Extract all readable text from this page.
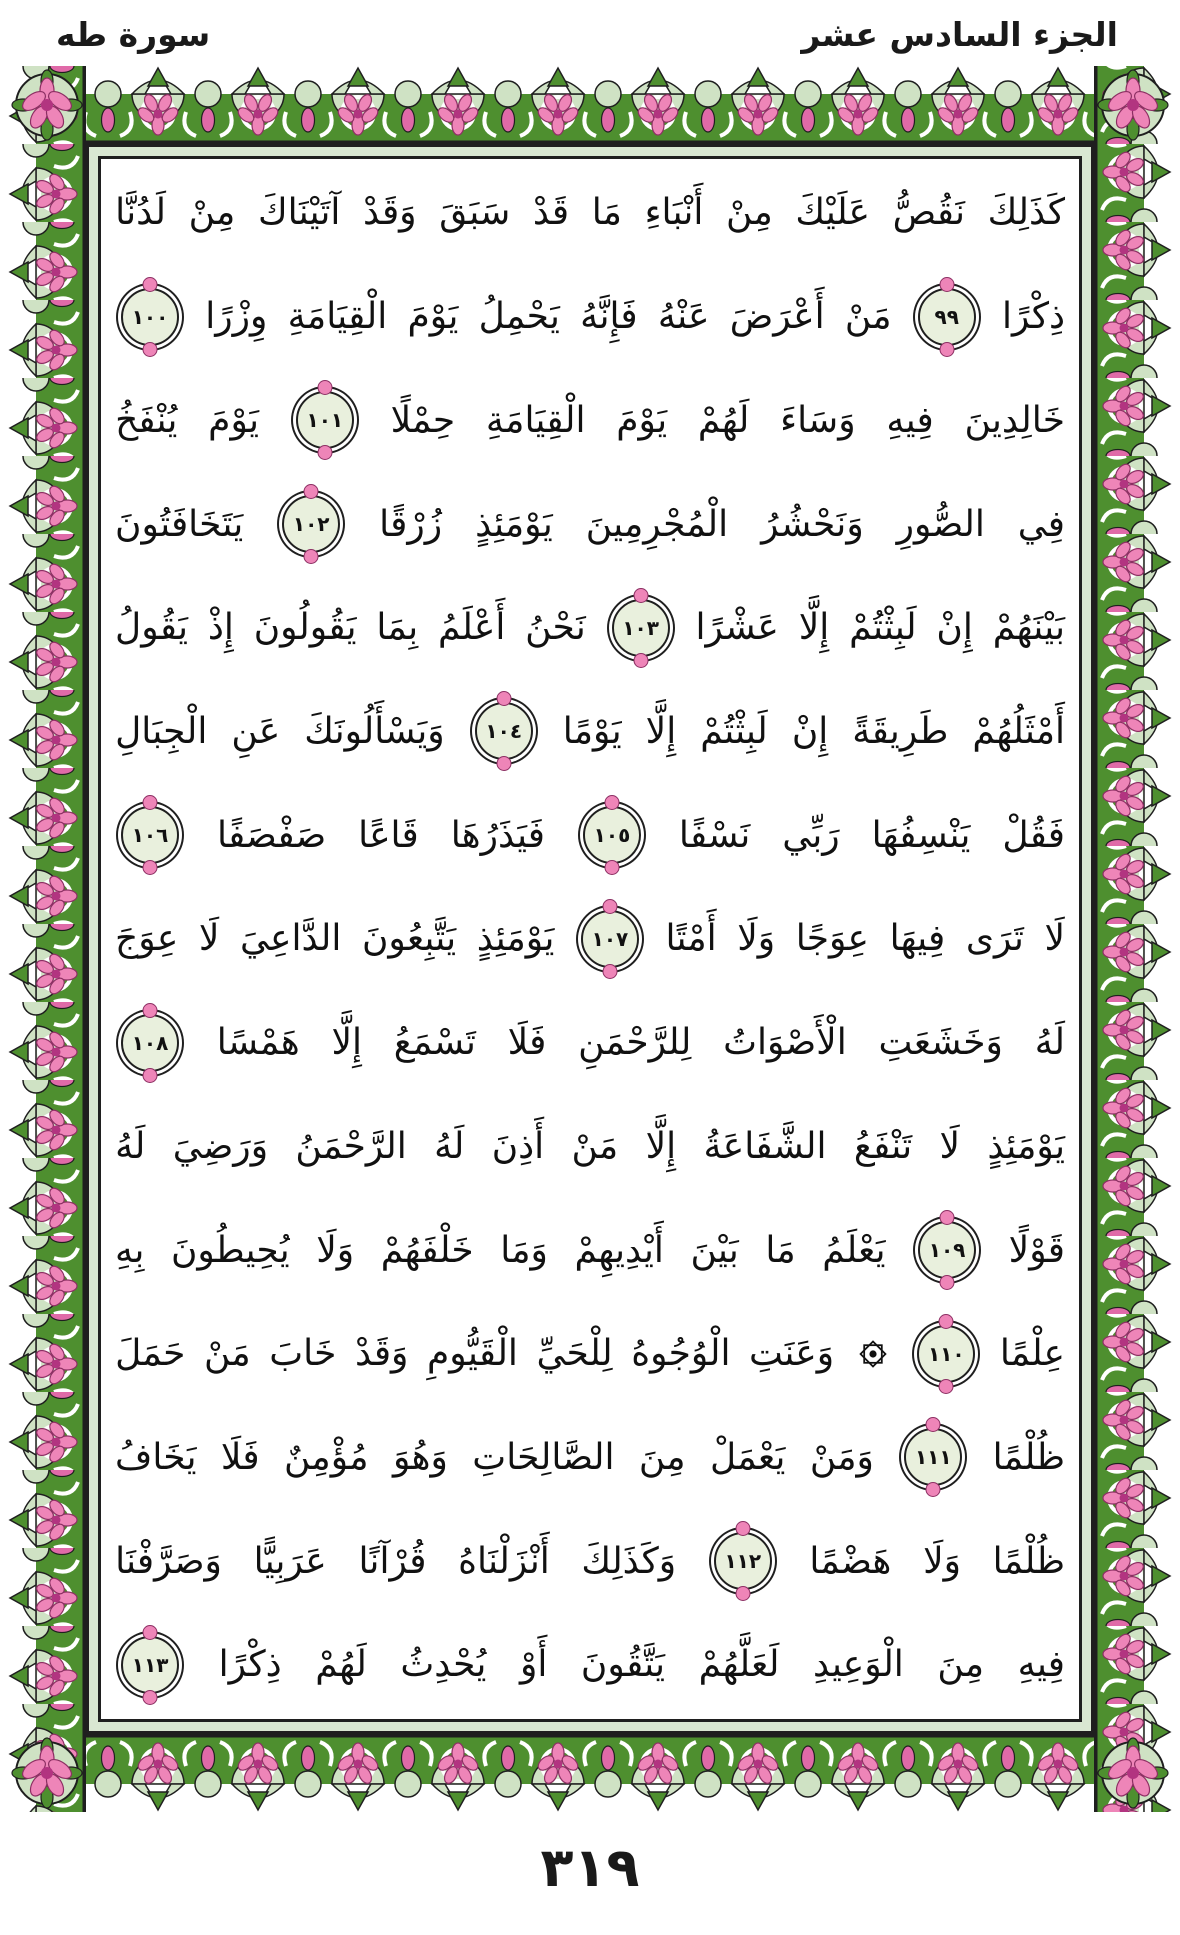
الجزء السادس عشر
سورة طه
كَذَلِكَ
نَقُصُّ
عَلَيْكَ
مِنْ
أَنْبَاءِ
مَا
قَدْ
سَبَقَ
وَقَدْ
آتَيْنَاكَ
مِنْ
لَدُنَّا
ذِكْرًا
٩٩
مَنْ
أَعْرَضَ
عَنْهُ
فَإِنَّهُ
يَحْمِلُ
يَوْمَ
الْقِيَامَةِ
وِزْرًا
١٠٠
خَالِدِينَ
فِيهِ
وَسَاءَ
لَهُمْ
يَوْمَ
الْقِيَامَةِ
حِمْلًا
١٠١
يَوْمَ
يُنْفَخُ
فِي
الصُّورِ
وَنَحْشُرُ
الْمُجْرِمِينَ
يَوْمَئِذٍ
زُرْقًا
١٠٢
يَتَخَافَتُونَ
بَيْنَهُمْ
إِنْ
لَبِثْتُمْ
إِلَّا
عَشْرًا
١٠٣
نَحْنُ
أَعْلَمُ
بِمَا
يَقُولُونَ
إِذْ
يَقُولُ
أَمْثَلُهُمْ
طَرِيقَةً
إِنْ
لَبِثْتُمْ
إِلَّا
يَوْمًا
١٠٤
وَيَسْأَلُونَكَ
عَنِ
الْجِبَالِ
فَقُلْ
يَنْسِفُهَا
رَبِّي
نَسْفًا
١٠٥
فَيَذَرُهَا
قَاعًا
صَفْصَفًا
١٠٦
لَا
تَرَى
فِيهَا
عِوَجًا
وَلَا
أَمْتًا
١٠٧
يَوْمَئِذٍ
يَتَّبِعُونَ
الدَّاعِيَ
لَا
عِوَجَ
لَهُ
وَخَشَعَتِ
الْأَصْوَاتُ
لِلرَّحْمَنِ
فَلَا
تَسْمَعُ
إِلَّا
هَمْسًا
١٠٨
يَوْمَئِذٍ
لَا
تَنْفَعُ
الشَّفَاعَةُ
إِلَّا
مَنْ
أَذِنَ
لَهُ
الرَّحْمَنُ
وَرَضِيَ
لَهُ
قَوْلًا
١٠٩
يَعْلَمُ
مَا
بَيْنَ
أَيْدِيهِمْ
وَمَا
خَلْفَهُمْ
وَلَا
يُحِيطُونَ
بِهِ
عِلْمًا
١١٠
وَعَنَتِ
الْوُجُوهُ
لِلْحَيِّ
الْقَيُّومِ
وَقَدْ
خَابَ
مَنْ
حَمَلَ
ظُلْمًا
١١١
وَمَنْ
يَعْمَلْ
مِنَ
الصَّالِحَاتِ
وَهُوَ
مُؤْمِنٌ
فَلَا
يَخَافُ
ظُلْمًا
وَلَا
هَضْمًا
١١٢
وَكَذَلِكَ
أَنْزَلْنَاهُ
قُرْآنًا
عَرَبِيًّا
وَصَرَّفْنَا
فِيهِ
مِنَ
الْوَعِيدِ
لَعَلَّهُمْ
يَتَّقُونَ
أَوْ
يُحْدِثُ
لَهُمْ
ذِكْرًا
١١٣
٣١٩
